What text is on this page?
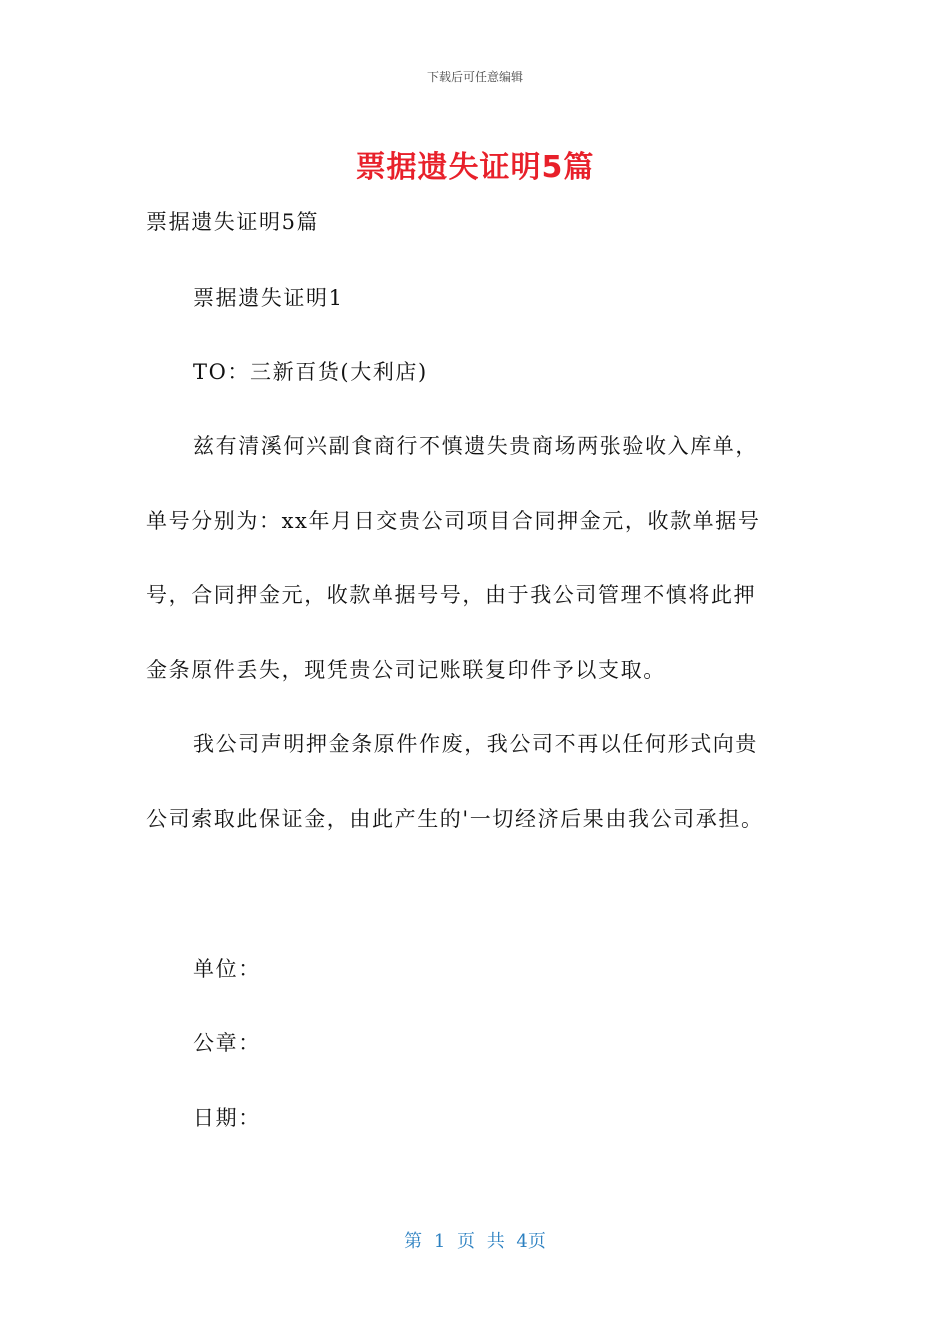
下载后可任意编辑
票据遗失证明5篇
票据遗失证明5篇
票据遗失证明1
TO：三新百货(大利店)
兹有清溪何兴副食商行不慎遗失贵商场两张验收入库单，
单号分别为：xx年月日交贵公司项目合同押金元，收款单据号
号，合同押金元，收款单据号号，由于我公司管理不慎将此押
金条原件丢失，现凭贵公司记账联复印件予以支取。
我公司声明押金条原件作废，我公司不再以任何形式向贵
公司索取此保证金，由此产生的'一切经济后果由我公司承担。
单位：
公章：
日期：
第 1 页 共 4页
